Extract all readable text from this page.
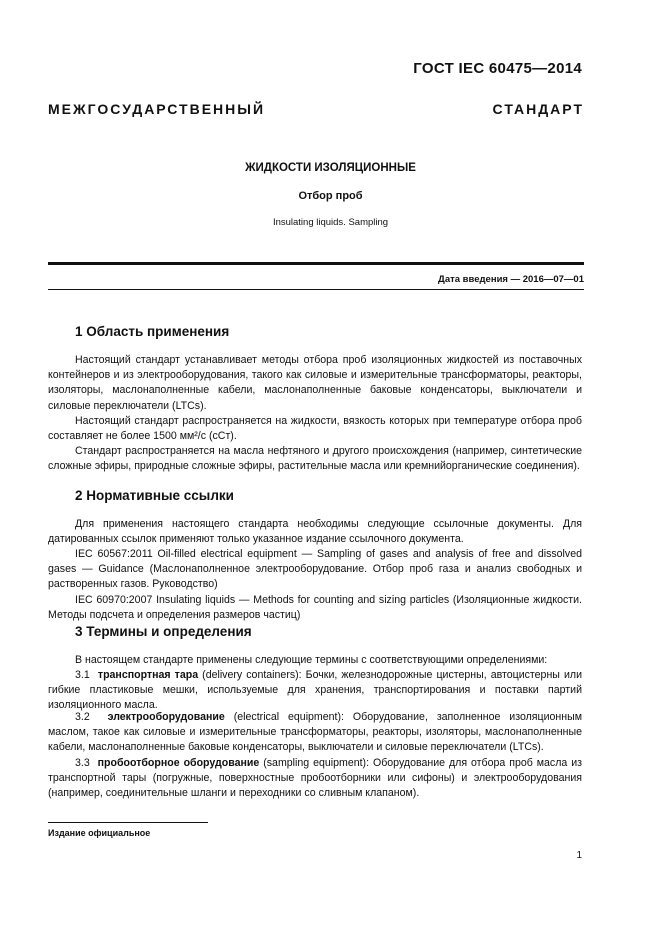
ГОСТ IEC 60475—2014
МЕЖГОСУДАРСТВЕННЫЙ СТАНДАРТ
ЖИДКОСТИ ИЗОЛЯЦИОННЫЕ
Отбор проб
Insulating liquids. Sampling
Дата введения — 2016—07—01
1 Область применения

Настоящий стандарт устанавливает методы отбора проб изоляционных жидкостей из поставочных контейнеров и из электрооборудования, такого как силовые и измерительные трансформаторы, реакторы, изоляторы, маслонаполненные кабели, маслонаполненные баковые конденсаторы, выключатели и силовые переключатели (LTCs).

Настоящий стандарт распространяется на жидкости, вязкость которых при температуре отбора проб составляет не более 1500 мм²/с (сСт).

Стандарт распространяется на масла нефтяного и другого происхождения (например, синтетические сложные эфиры, природные сложные эфиры, растительные масла или кремнийорганические соединения).

2 Нормативные ссылки

Для применения настоящего стандарта необходимы следующие ссылочные документы. Для датированных ссылок применяют только указанное издание ссылочного документа.

IEC 60567:2011 Oil-filled electrical equipment — Sampling of gases and analysis of free and dissolved gases — Guidance (Маслонаполненное электрооборудование. Отбор проб газа и анализ свободных и растворенных газов. Руководство)

IEC 60970:2007 Insulating liquids — Methods for counting and sizing particles (Изоляционные жидкости. Методы подсчета и определения размеров частиц)

3 Термины и определения

В настоящем стандарте применены следующие термины с соответствующими определениями:

3.1 транспортная тара (delivery containers): Бочки, железнодорожные цистерны, автоцистерны или гибкие пластиковые мешки, используемые для хранения, транспортирования и поставки партий изоляционного масла.

3.2 электрооборудование (electrical equipment): Оборудование, заполненное изоляционным маслом, такое как силовые и измерительные трансформаторы, реакторы, изоляторы, маслонаполненные кабели, маслонаполненные баковые конденсаторы, выключатели и силовые переключатели (LTCs).

3.3 пробоотборное оборудование (sampling equipment): Оборудование для отбора проб масла из транспортной тары (погружные, поверхностные пробоотборники или сифоны) и электрооборудования (например, соединительные шланги и переходники со сливным клапаном).

Издание официальное
1
